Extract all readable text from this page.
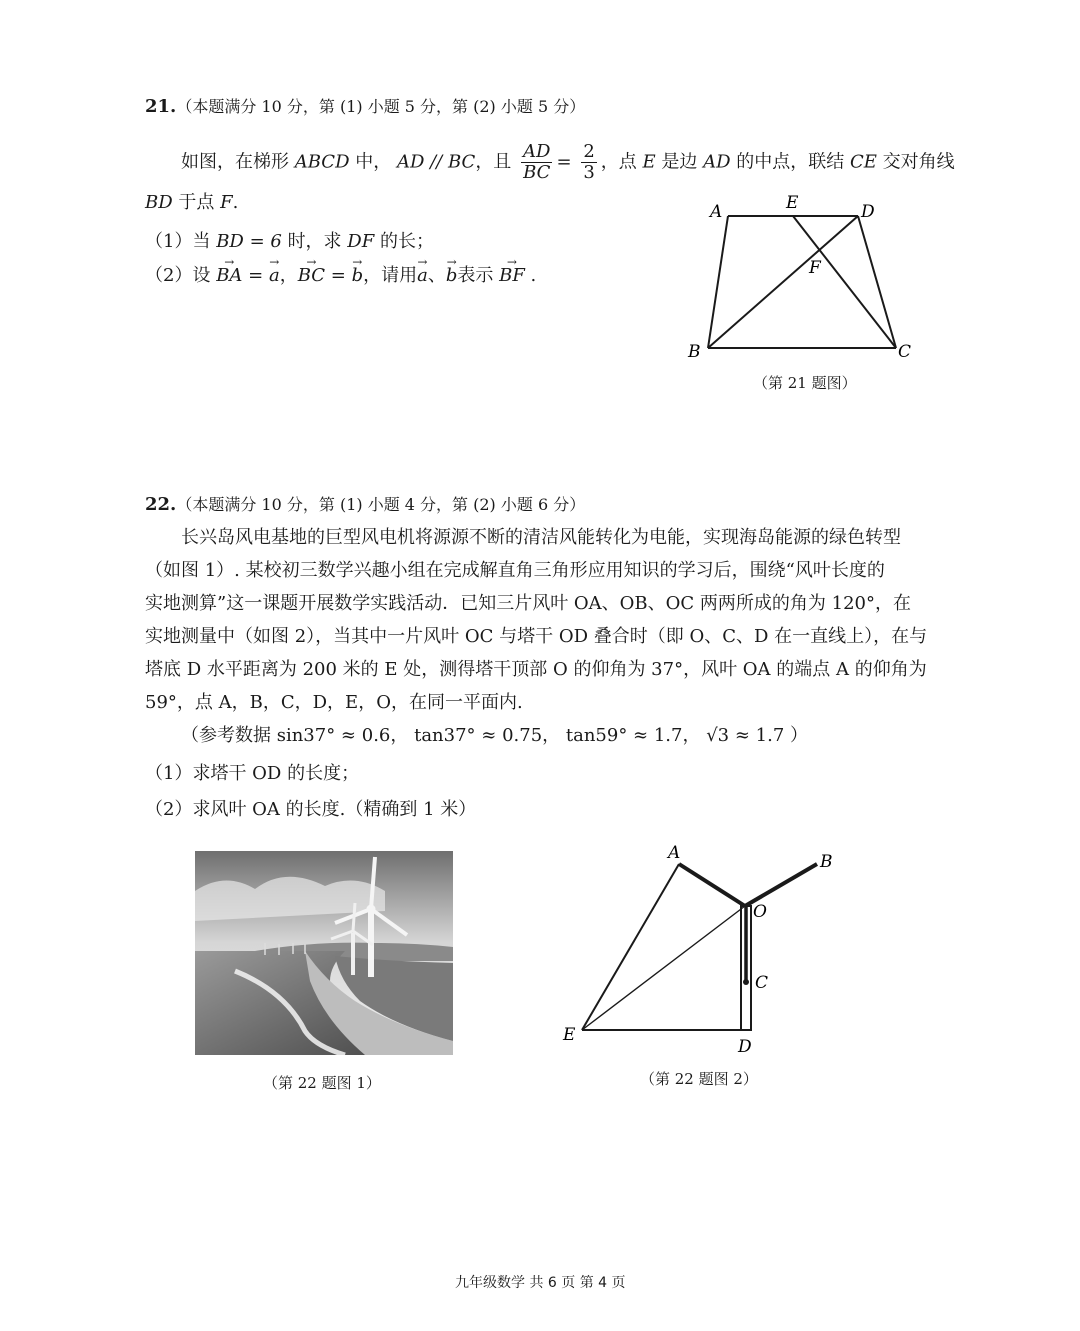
21.（本题满分 10 分，第 (1) 小题 5 分，第 (2) 小题 5 分）
如图，在梯形 ABCD 中， AD // BC，且 $\frac{AD}{BC} = \frac{2}{3}$ ，点 E 是边 AD 的中点，联结 CE 交对角线
BD 于点 F.
（1）当 BD = 6 时，求 DF 的长；
（2）设 → BA = → a，→ BC = → b，请用→ a、→ b表示 → BF .
A	E	D
F
B	C
（第 21 题图）
22.（本题满分 10 分，第 (1) 小题 4 分，第 (2) 小题 6 分）
长兴岛风电基地的巨型风电机将源源不断的清洁风能转化为电能，实现海岛能源的绿色转型
（如图 1）. 某校初三数学兴趣小组在完成解直角三角形应用知识的学习后，围绕“风叶长度的
实地测算”这一课题开展数学实践活动．已知三片风叶 OA、OB、OC 两两所成的角为 120°，在
实地测量中（如图 2），当其中一片风叶 OC 与塔干 OD 叠合时（即 O、C、D 在一直线上），在与
塔底 D 水平距离为 200 米的 E 处，测得塔干顶部 O 的仰角为 37°，风叶 OA 的端点 A 的仰角为
59°，点 A，B，C，D，E，O，在同一平面内.
（参考数据 sin37° ≈ 0.6， tan37° ≈ 0.75， tan59° ≈ 1.7， √3 ≈ 1.7 ）
（1）求塔干 OD 的长度；
（2）求风叶 OA 的长度.（精确到 1 米）
（第 22 题图 1）
A	B
O
C
E
D
（第 22 题图 2）
九年级数学 共 6 页 第 4 页
